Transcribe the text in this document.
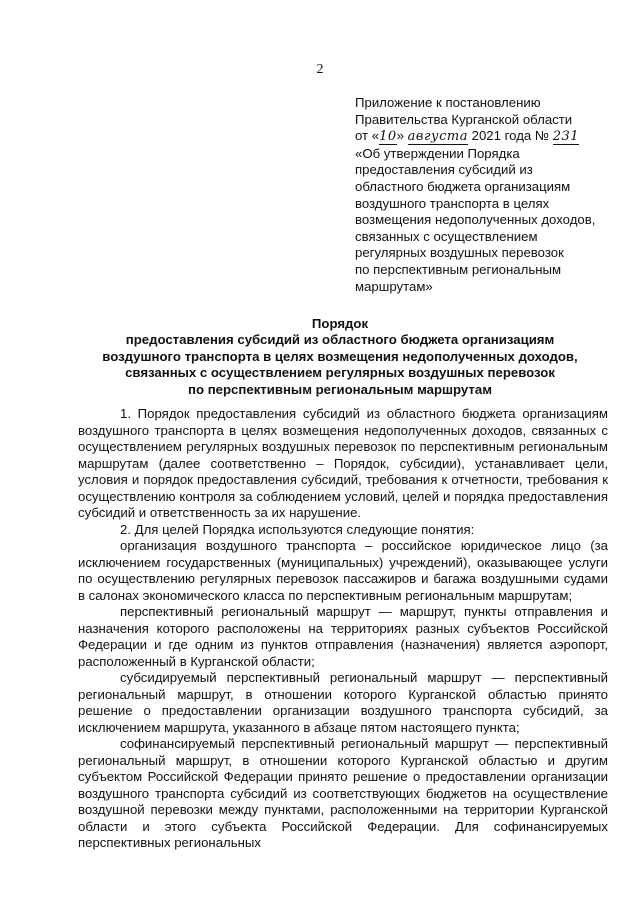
2
Приложение к постановлению
Правительства Курганской области
от «10» августа 2021 года № 231
«Об утверждении Порядка
предоставления субсидий из
областного бюджета организациям
воздушного транспорта в целях
возмещения недополученных доходов,
связанных с осуществлением
регулярных воздушных перевозок
по перспективным региональным
маршрутам»
Порядок
предоставления субсидий из областного бюджета организациям
воздушного транспорта в целях возмещения недополученных доходов,
связанных с осуществлением регулярных воздушных перевозок
по перспективным региональным маршрутам
1. Порядок предоставления субсидий из областного бюджета организациям воздушного транспорта в целях возмещения недополученных доходов, связанных с осуществлением регулярных воздушных перевозок по перспективным региональным маршрутам (далее соответственно – Порядок, субсидии), устанавливает цели, условия и порядок предоставления субсидий, требования к отчетности, требования к осуществлению контроля за соблюдением условий, целей и порядка предоставления субсидий и ответственность за их нарушение.
2. Для целей Порядка используются следующие понятия:
организация воздушного транспорта – российское юридическое лицо (за исключением государственных (муниципальных) учреждений), оказывающее услуги по осуществлению регулярных перевозок пассажиров и багажа воздушными судами в салонах экономического класса по перспективным региональным маршрутам;
перспективный региональный маршрут — маршрут, пункты отправления и назначения которого расположены на территориях разных субъектов Российской Федерации и где одним из пунктов отправления (назначения) является аэропорт, расположенный в Курганской области;
субсидируемый перспективный региональный маршрут — перспективный региональный маршрут, в отношении которого Курганской областью принято решение о предоставлении организации воздушного транспорта субсидий, за исключением маршрута, указанного в абзаце пятом настоящего пункта;
софинансируемый перспективный региональный маршрут — перспективный региональный маршрут, в отношении которого Курганской областью и другим субъектом Российской Федерации принято решение о предоставлении организации воздушного транспорта субсидий из соответствующих бюджетов на осуществление воздушной перевозки между пунктами, расположенными на территории Курганской области и этого субъекта Российской Федерации. Для софинансируемых перспективных региональных
